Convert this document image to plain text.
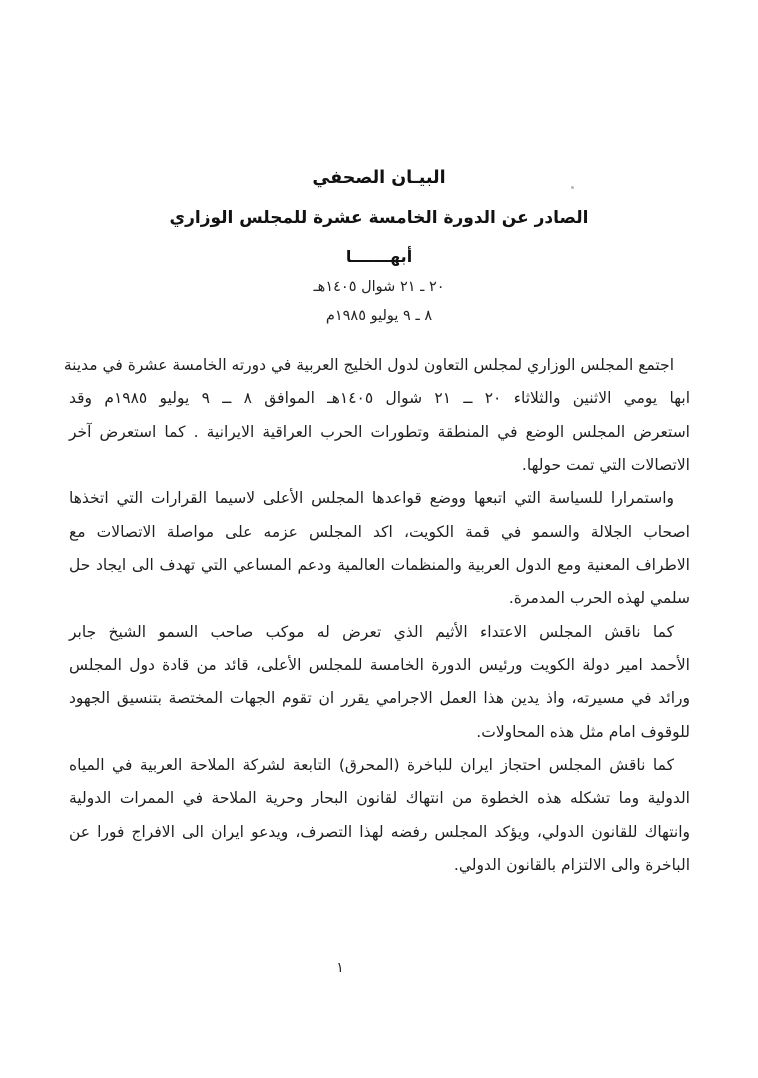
البيـان الصحفي
الصادر عن الدورة الخامسة عشرة للمجلس الوزاري
أبهـــــــا
٢٠ ـ ٢١ شوال ١٤٠٥هـ
٨ ـ ٩ يوليو ١٩٨٥م
اجتمع المجلس الوزاري لمجلس التعاون لدول الخليج العربية في دورته الخامسة عشرة في مدينة
ابها يومي الاثنين والثلاثاء ٢٠ ــ ٢١ شوال ١٤٠٥هـ الموافق ٨ ــ ٩ يوليو ١٩٨٥م وقد
استعرض المجلس الوضع في المنطقة وتطورات الحرب العراقية الايرانية . كما استعرض آخر
الاتصالات التي تمت حولها.
واستمرارا للسياسة التي اتبعها ووضع قواعدها المجلس الأعلى لاسيما القرارات التي اتخذها
اصحاب الجلالة والسمو في قمة الكويت، اكد المجلس عزمه على مواصلة الاتصالات مع
الاطراف المعنية ومع الدول العربية والمنظمات العالمية ودعم المساعي التي تهدف الى ايجاد حل
سلمي لهذه الحرب المدمرة.
كما ناقش المجلس الاعتداء الأثيم الذي تعرض له موكب صاحب السمو الشيخ جابر
الأحمد امير دولة الكويت ورئيس الدورة الخامسة للمجلس الأعلى، قائد من قادة دول المجلس
ورائد في مسيرته، واذ يدين هذا العمل الاجرامي يقرر ان تقوم الجهات المختصة بتنسيق الجهود
للوقوف امام مثل هذه المحاولات.
كما ناقش المجلس احتجاز ايران للباخرة (المحرق) التابعة لشركة الملاحة العربية في المياه
الدولية وما تشكله هذه الخطوة من انتهاك لقانون البحار وحرية الملاحة في الممرات الدولية
وانتهاك للقانون الدولي، ويؤكد المجلس رفضه لهذا التصرف، ويدعو ايران الى الافراج فورا عن
الباخرة والى الالتزام بالقانون الدولي.
١
